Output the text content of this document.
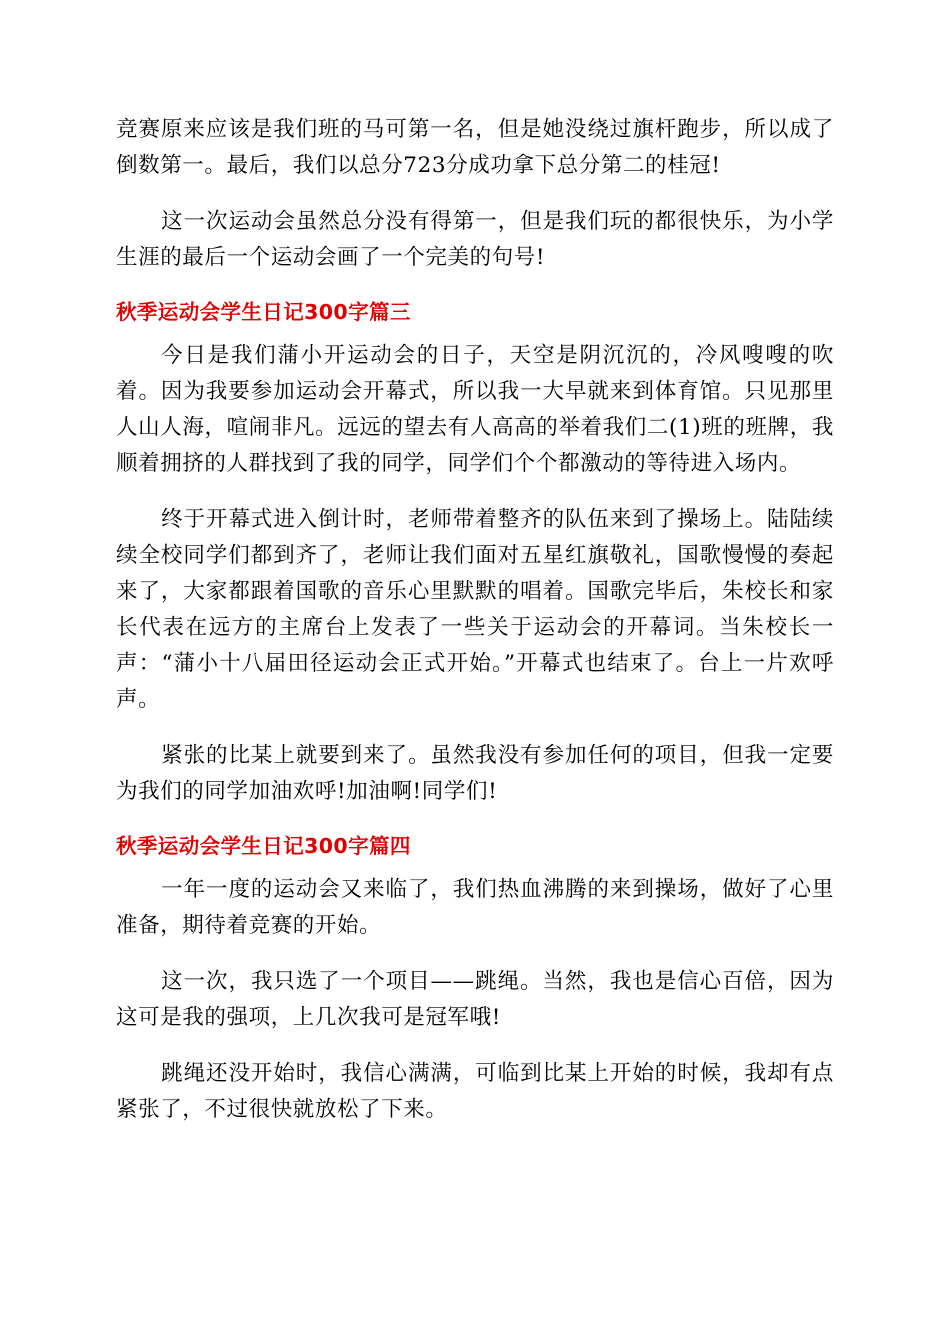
竞赛原来应该是我们班的马可第一名，但是她没绕过旗杆跑步，所以成了倒数第一。最后，我们以总分723分成功拿下总分第二的桂冠!

这一次运动会虽然总分没有得第一，但是我们玩的都很快乐，为小学生涯的最后一个运动会画了一个完美的句号!

秋季运动会学生日记300字篇三

今日是我们蒲小开运动会的日子，天空是阴沉沉的，冷风嗖嗖的吹着。因为我要参加运动会开幕式，所以我一大早就来到体育馆。只见那里人山人海，喧闹非凡。远远的望去有人高高的举着我们二(1)班的班牌，我顺着拥挤的人群找到了我的同学，同学们个个都激动的等待进入场内。

终于开幕式进入倒计时，老师带着整齐的队伍来到了操场上。陆陆续续全校同学们都到齐了，老师让我们面对五星红旗敬礼，国歌慢慢的奏起来了，大家都跟着国歌的音乐心里默默的唱着。国歌完毕后，朱校长和家长代表在远方的主席台上发表了一些关于运动会的开幕词。当朱校长一声：“蒲小十八届田径运动会正式开始。”开幕式也结束了。台上一片欢呼声。

紧张的比某上就要到来了。虽然我没有参加任何的项目，但我一定要为我们的同学加油欢呼!加油啊!同学们!

秋季运动会学生日记300字篇四

一年一度的运动会又来临了，我们热血沸腾的来到操场，做好了心里准备，期待着竞赛的开始。

这一次，我只选了一个项目——跳绳。当然，我也是信心百倍，因为这可是我的强项，上几次我可是冠军哦!

跳绳还没开始时，我信心满满，可临到比某上开始的时候，我却有点紧张了，不过很快就放松了下来。
